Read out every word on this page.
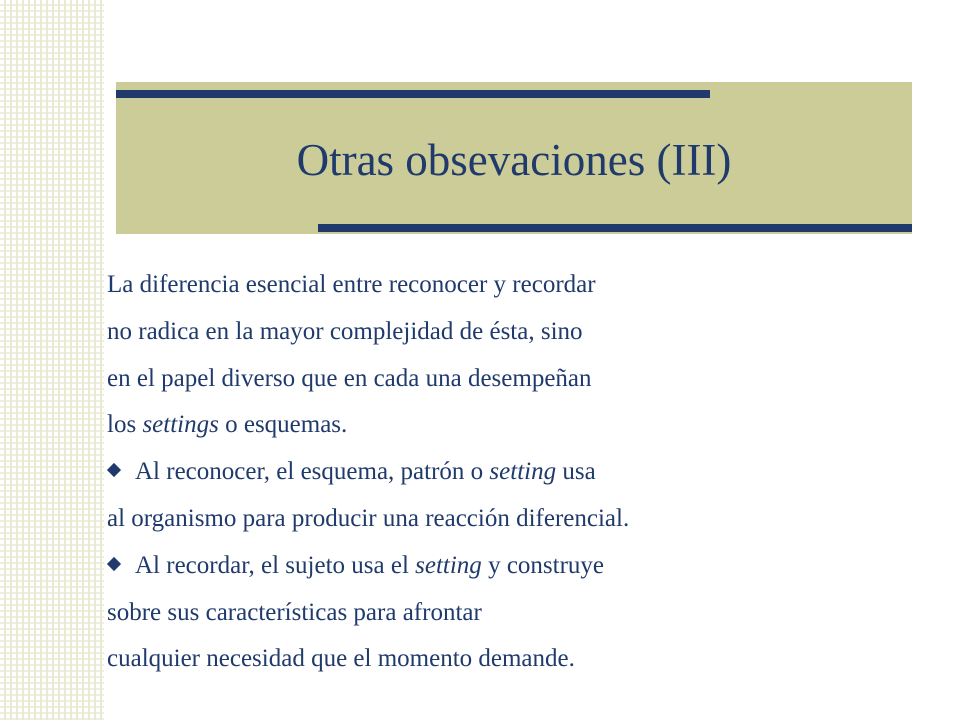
Otras obsevaciones (III)
La diferencia esencial entre reconocer y recordar
no radica en la mayor complejidad de ésta, sino
en el papel diverso que en cada una desempeñan
los settings o esquemas.
Al reconocer, el esquema, patrón o setting usa
al organismo para producir una reacción diferencial.
Al recordar, el sujeto usa el setting y construye
sobre sus características para afrontar
cualquier necesidad que el momento demande.
